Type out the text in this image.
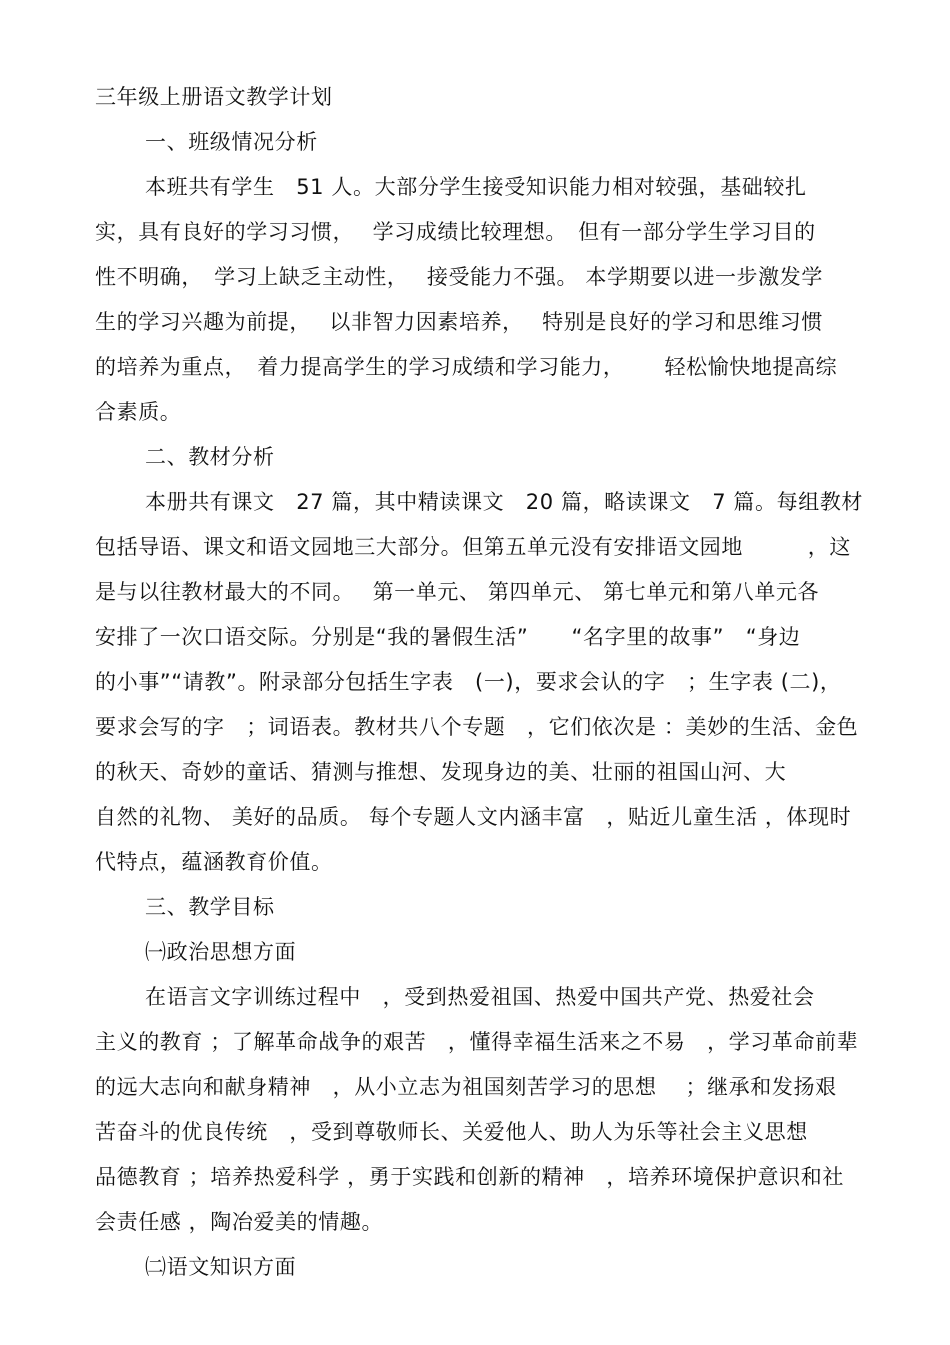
三年级上册语文教学计划
一、班级情况分析
本班共有学生　51 人。大部分学生接受知识能力相对较强，基础较扎
实，具有良好的学习习惯，　 学习成绩比较理想。　但有一部分学生学习目的
性不明确，　学习上缺乏主动性，　 接受能力不强。 本学期要以进一步激发学
生的学习兴趣为前提，　 以非智力因素培养，　 特别是良好的学习和思维习惯
的培养为重点，　着力提高学生的学习成绩和学习能力，　　 轻松愉快地提高综
合素质。
二、教材分析
本册共有课文　27 篇，其中精读课文　20 篇，略读课文　7 篇。每组教材
包括导语、课文和语文园地三大部分。但第五单元没有安排语文园地　　　，这
是与以往教材最大的不同。　 第一单元、 第四单元、 第七单元和第八单元各
安排了一次口语交际。分别是“我的暑假生活”　　“名字里的故事”　“身边
的小事”“请教”。附录部分包括生字表　(一)，要求会认的字　；生字表 (二)，
要求会写的字　；词语表。教材共八个专题　，它们依次是 ：美妙的生活、金色
的秋天、奇妙的童话、猜测与推想、发现身边的美、壮丽的祖国山河、大
自然的礼物、 美好的品质。 每个专题人文内涵丰富　，贴近儿童生活 ，体现时
代特点，蕴涵教育价值。
三、教学目标
㈠政治思想方面
在语言文字训练过程中　，受到热爱祖国、热爱中国共产党、热爱社会
主义的教育 ；了解革命战争的艰苦　，懂得幸福生活来之不易　，学习革命前辈
的远大志向和献身精神　，从小立志为祖国刻苦学习的思想　 ；继承和发扬艰
苦奋斗的优良传统　，受到尊敬师长、关爱他人、助人为乐等社会主义思想
品德教育 ；培养热爱科学 ，勇于实践和创新的精神　，培养环境保护意识和社
会责任感 ，陶冶爱美的情趣。
㈡语文知识方面
